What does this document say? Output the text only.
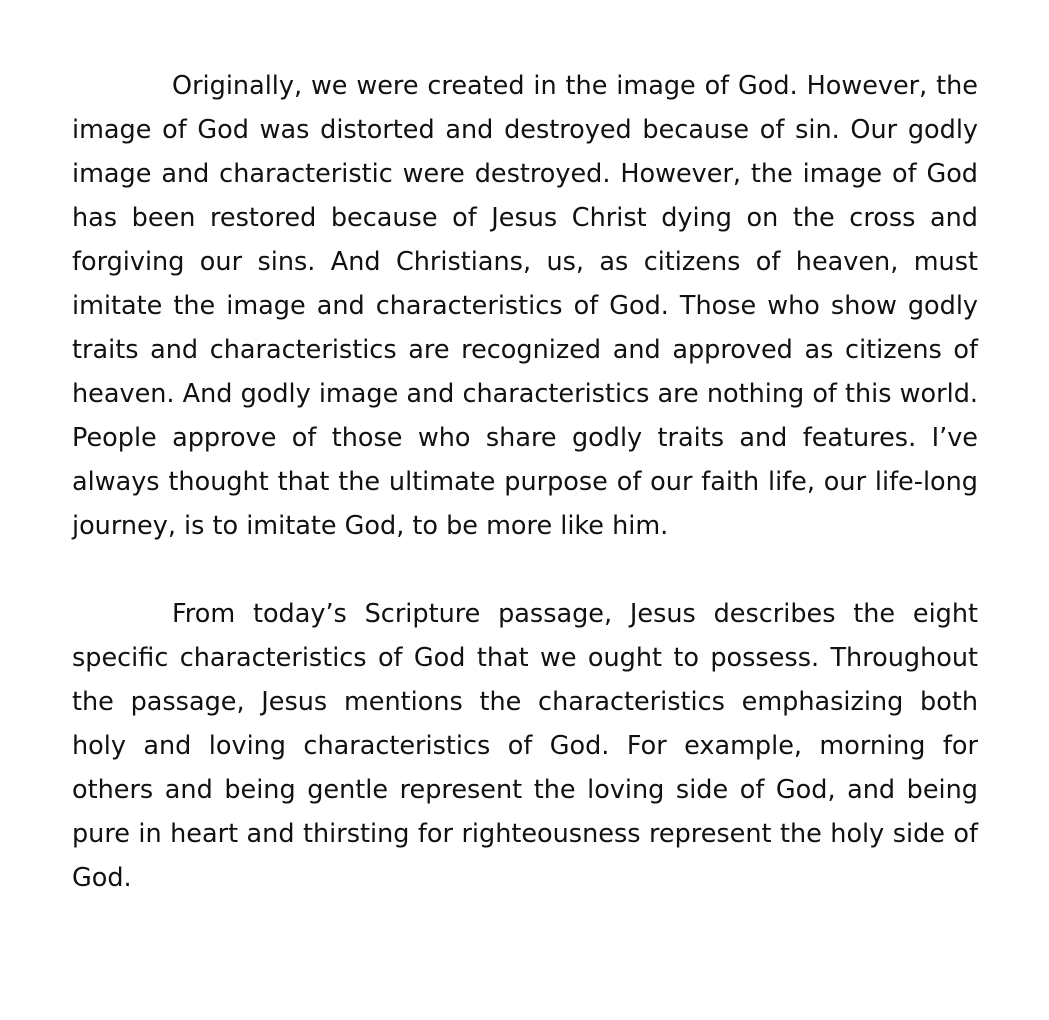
Originally, we were created in the image of God. However, the image of God was distorted and destroyed because of sin. Our godly image and characteristic were destroyed. However, the image of God has been restored because of Jesus Christ dying on the cross and forgiving our sins. And Christians, us, as citizens of heaven, must imitate the image and characteristics of God. Those who show godly traits and characteristics are recognized and approved as citizens of heaven. And godly image and characteristics are nothing of this world. People approve of those who share godly traits and features. I’ve always thought that the ultimate purpose of our faith life, our life-long journey, is to imitate God, to be more like him.

From today’s Scripture passage, Jesus describes the eight specific characteristics of God that we ought to possess. Throughout the passage, Jesus mentions the characteristics emphasizing both holy and loving characteristics of God. For example, morning for others and being gentle represent the loving side of God, and being pure in heart and thirsting for righteousness represent the holy side of God.
